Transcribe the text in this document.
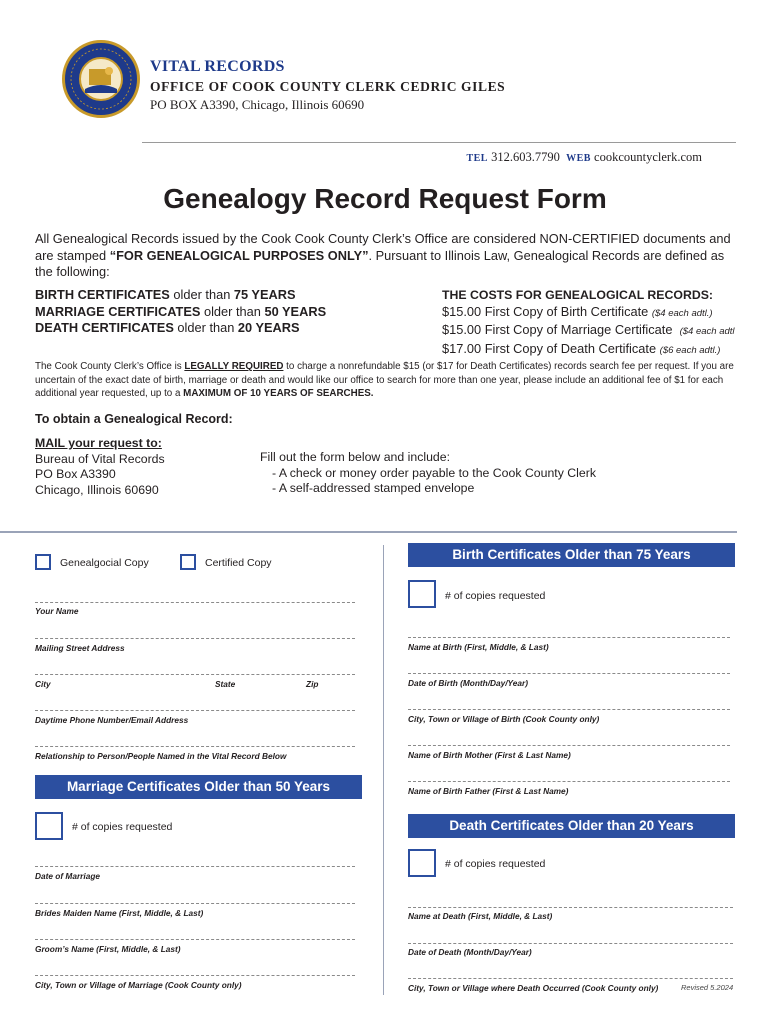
VITAL RECORDS
OFFICE OF COOK COUNTY CLERK CEDRIC GILES
PO BOX A3390, Chicago, Illinois 60690
TEL 312.603.7790 WEB cookcountyclerk.com
Genealogy Record Request Form
All Genealogical Records issued by the Cook Cook County Clerk’s Office are considered NON-CERTIFIED documents and are stamped “FOR GENEALOGICAL PURPOSES ONLY”. Pursuant to Illinois Law, Genealogical Records are defined as the following:
BIRTH CERTIFICATES older than 75 YEARS
MARRIAGE CERTIFICATES older than 50 YEARS
DEATH CERTIFICATES older than 20 YEARS
THE COSTS FOR GENEALOGICAL RECORDS:
$15.00 First Copy of Birth Certificate ($4 each adtl.)
$15.00 First Copy of Marriage Certificate ($4 each adtl
$17.00 First Copy of Death Certificate ($6 each adtl.)
The Cook County Clerk’s Office is LEGALLY REQUIRED to charge a nonrefundable $15 (or $17 for Death Certificates) records search fee per request. If you are uncertain of the exact date of birth, marriage or death and would like our office to search for more than one year, please include an additional fee of $1 for each additional year requested, up to a MAXIMUM OF 10 YEARS OF SEARCHES.
To obtain a Genealogical Record:
MAIL your request to:
Bureau of Vital Records
PO Box A3390
Chicago, Illinois 60690
Fill out the form below and include:
- A check or money order payable to the Cook County Clerk
- A self-addressed stamped envelope
Genealgocial Copy	Certified Copy
Your Name
Mailing Street Address
City	State	Zip
Daytime Phone Number/Email Address
Relationship to Person/People Named in the Vital Record Below
Marriage Certificates Older than 50 Years
# of copies requested
Date of Marriage
Brides Maiden Name (First, Middle, & Last)
Groom’s Name (First, Middle, & Last)
City, Town or Village of Marriage (Cook County only)
Birth Certificates Older than 75 Years
# of copies requested
Name at Birth (First, Middle, & Last)
Date of Birth (Month/Day/Year)
City, Town or Village of Birth (Cook County only)
Name of Birth Mother (First & Last Name)
Name of Birth Father (First & Last Name)
Death Certificates Older than 20 Years
# of copies requested
Name at Death (First, Middle, & Last)
Date of Death (Month/Day/Year)
City, Town or Village where Death Occurred (Cook County only)	Revised 5.2024
